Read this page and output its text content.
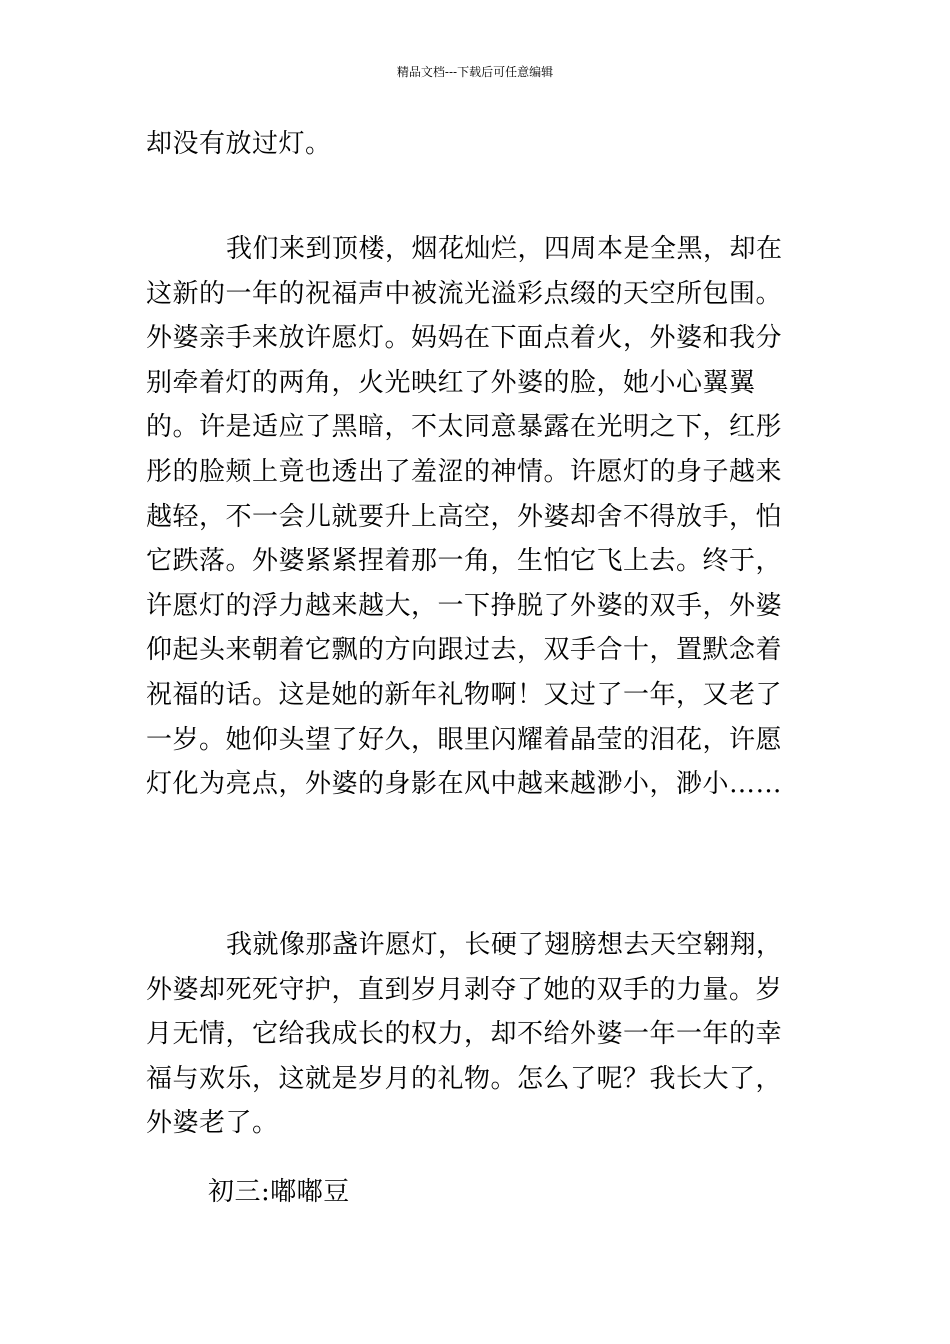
精品文档---下载后可任意编辑

却没有放过灯。

我们来到顶楼，烟花灿烂，四周本是全黑，却在这新的一年的祝福声中被流光溢彩点缀的天空所包围。外婆亲手来放许愿灯。妈妈在下面点着火，外婆和我分别牵着灯的两角，火光映红了外婆的脸，她小心翼翼的。许是适应了黑暗，不太同意暴露在光明之下，红彤彤的脸颊上竟也透出了羞涩的神情。许愿灯的身子越来越轻，不一会儿就要升上高空，外婆却舍不得放手，怕它跌落。外婆紧紧捏着那一角，生怕它飞上去。终于，许愿灯的浮力越来越大，一下挣脱了外婆的双手，外婆仰起头来朝着它飘的方向跟过去，双手合十，置默念着祝福的话。这是她的新年礼物啊！又过了一年，又老了一岁。她仰头望了好久，眼里闪耀着晶莹的泪花，许愿灯化为亮点，外婆的身影在风中越来越渺小，渺小……

我就像那盏许愿灯，长硬了翅膀想去天空翱翔，外婆却死死守护，直到岁月剥夺了她的双手的力量。岁月无情，它给我成长的权力，却不给外婆一年一年的幸福与欢乐，这就是岁月的礼物。怎么了呢？我长大了，外婆老了。

初三:嘟嘟豆
